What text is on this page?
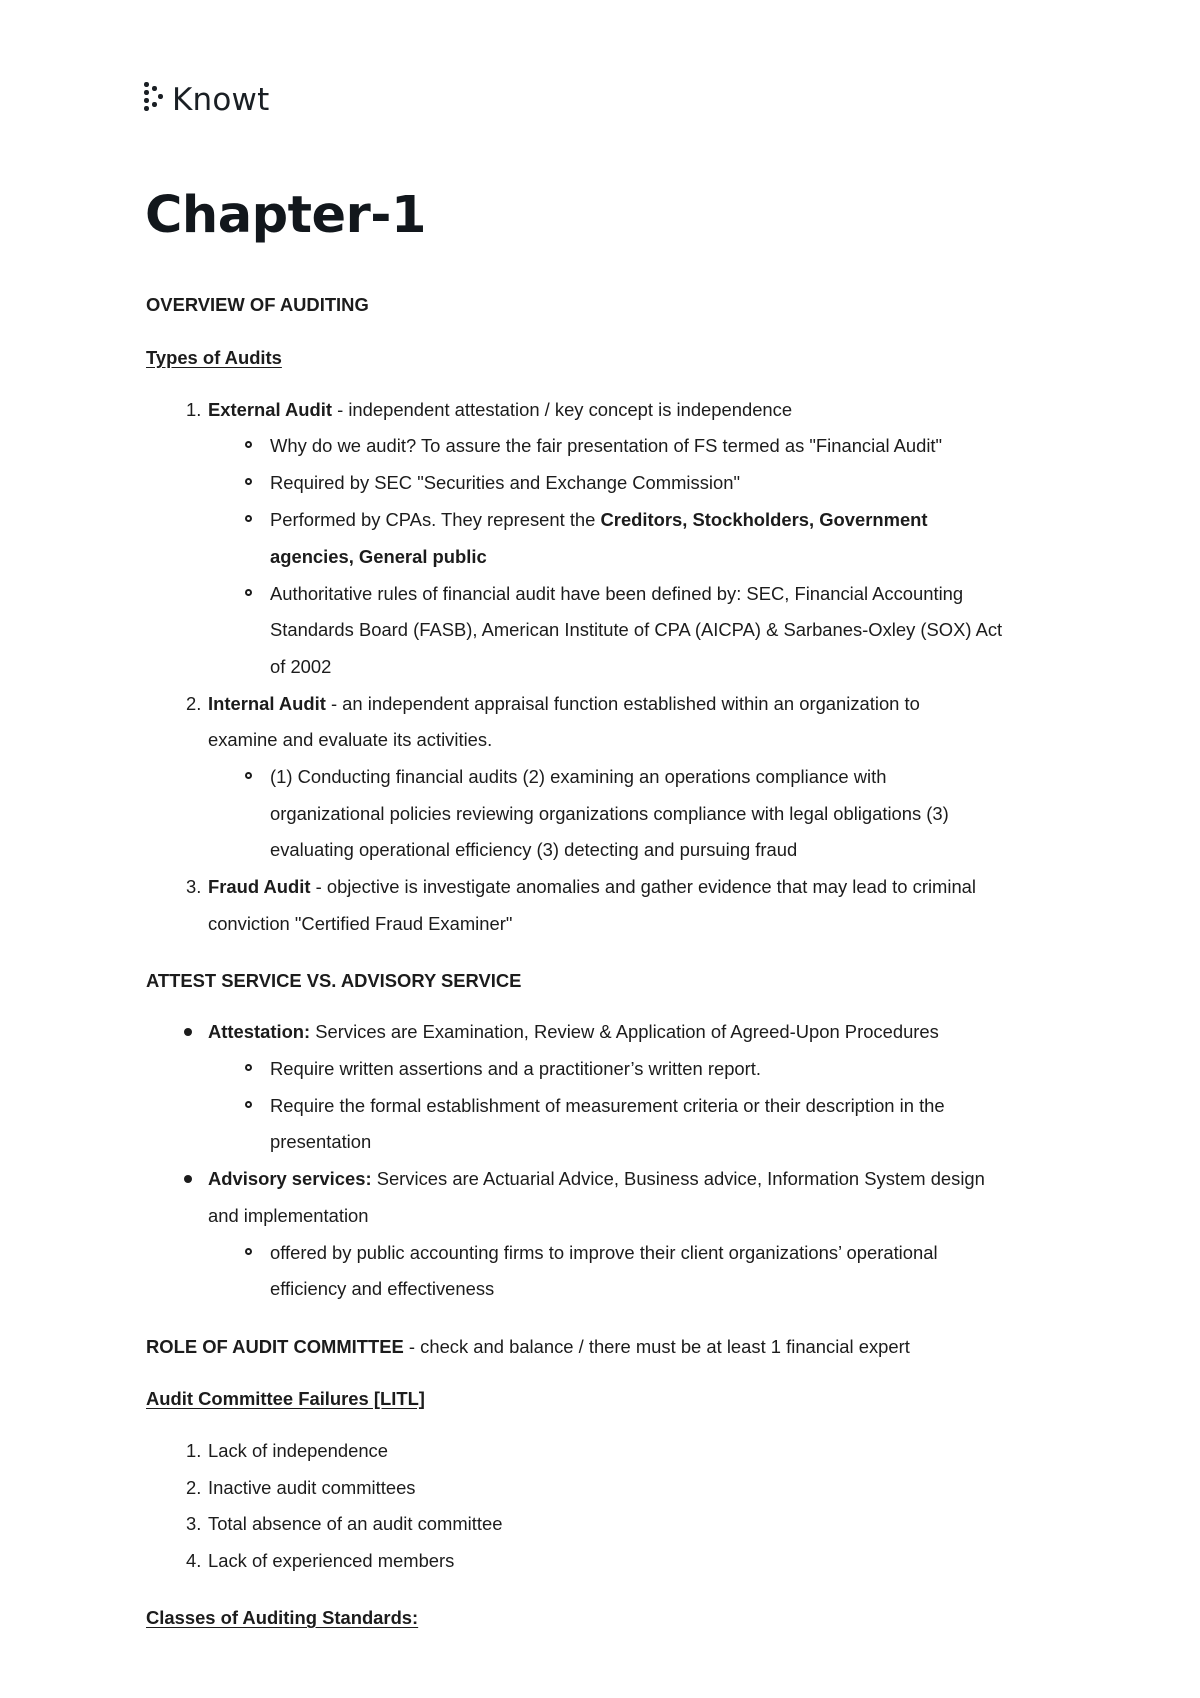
Knowt
Chapter-1
OVERVIEW OF AUDITING
Types of Audits
1. External Audit - independent attestation / key concept is independence
Why do we audit? To assure the fair presentation of FS termed as "Financial Audit"
Required by SEC "Securities and Exchange Commission"
Performed by CPAs. They represent the Creditors, Stockholders, Government
agencies, General public
Authoritative rules of financial audit have been defined by: SEC, Financial Accounting
Standards Board (FASB), American Institute of CPA (AICPA) & Sarbanes-Oxley (SOX) Act
of 2002
2. Internal Audit - an independent appraisal function established within an organization to
examine and evaluate its activities.
(1) Conducting financial audits (2) examining an operations compliance with
organizational policies reviewing organizations compliance with legal obligations (3)
evaluating operational efficiency (3) detecting and pursuing fraud
3. Fraud Audit - objective is investigate anomalies and gather evidence that may lead to criminal
conviction "Certified Fraud Examiner"
ATTEST SERVICE VS. ADVISORY SERVICE
Attestation: Services are Examination, Review & Application of Agreed-Upon Procedures
Require written assertions and a practitioner’s written report.
Require the formal establishment of measurement criteria or their description in the
presentation
Advisory services: Services are Actuarial Advice, Business advice, Information System design
and implementation
offered by public accounting firms to improve their client organizations’ operational
efficiency and effectiveness
ROLE OF AUDIT COMMITTEE - check and balance / there must be at least 1 financial expert
Audit Committee Failures [LITL]
1. Lack of independence
2. Inactive audit committees
3. Total absence of an audit committee
4. Lack of experienced members
Classes of Auditing Standards:
